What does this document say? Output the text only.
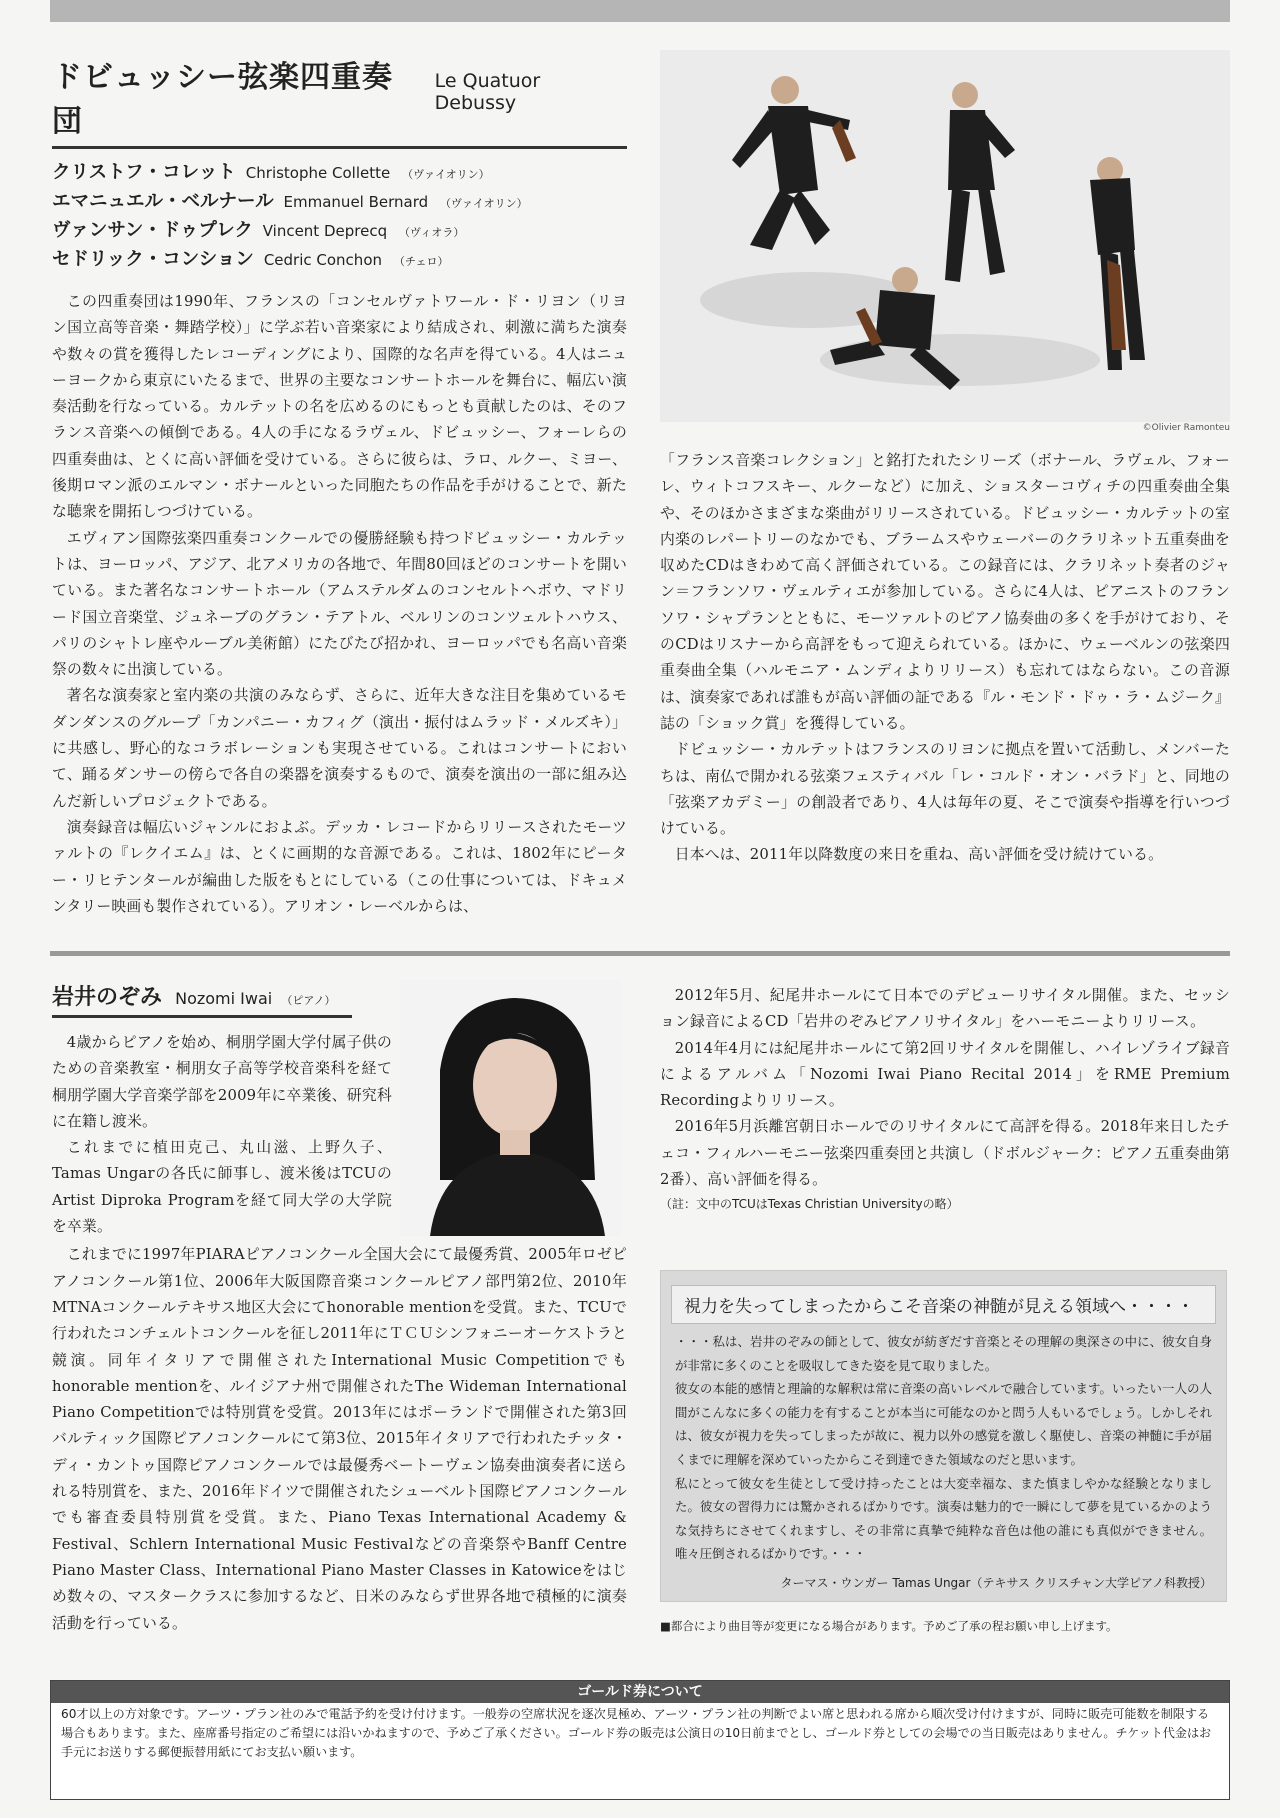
ドビュッシー弦楽四重奏団
Le Quatuor Debussy
クリストフ・コレット Christophe Collette （ヴァイオリン）
エマニュエル・ベルナール Emmanuel Bernard （ヴァイオリン）
ヴァンサン・ドゥプレク Vincent Deprecq （ヴィオラ）
セドリック・コンション Cedric Conchon （チェロ）

この四重奏団は1990年、フランスの「コンセルヴァトワール・ド・リヨン（リヨン国立高等音楽・舞踏学校）」に学ぶ若い音楽家により結成され、刺激に満ちた演奏や数々の賞を獲得したレコーディングにより、国際的な名声を得ている。4人はニューヨークから東京にいたるまで、世界の主要なコンサートホールを舞台に、幅広い演奏活動を行なっている。カルテットの名を広めるのにもっとも貢献したのは、そのフランス音楽への傾倒である。4人の手になるラヴェル、ドビュッシー、フォーレらの四重奏曲は、とくに高い評価を受けている。さらに彼らは、ラロ、ルクー、ミヨー、後期ロマン派のエルマン・ボナールといった同胞たちの作品を手がけることで、新たな聴衆を開拓しつづけている。

エヴィアン国際弦楽四重奏コンクールでの優勝経験も持つドビュッシー・カルテットは、ヨーロッパ、アジア、北アメリカの各地で、年間80回ほどのコンサートを開いている。また著名なコンサートホール（アムステルダムのコンセルトヘボウ、マドリード国立音楽堂、ジュネーブのグラン・テアトル、ベルリンのコンツェルトハウス、パリのシャトレ座やルーブル美術館）にたびたび招かれ、ヨーロッパでも名高い音楽祭の数々に出演している。

著名な演奏家と室内楽の共演のみならず、さらに、近年大きな注目を集めているモダンダンスのグループ「カンパニー・カフィグ（演出・振付はムラッド・メルズキ）」に共感し、野心的なコラボレーションも実現させている。これはコンサートにおいて、踊るダンサーの傍らで各自の楽器を演奏するもので、演奏を演出の一部に組み込んだ新しいプロジェクトである。

演奏録音は幅広いジャンルにおよぶ。デッカ・レコードからリリースされたモーツァルトの『レクイエム』は、とくに画期的な音源である。これは、1802年にピーター・リヒテンタールが編曲した版をもとにしている（この仕事については、ドキュメンタリー映画も製作されている）。アリオン・レーベルからは、

©Olivier Ramonteu

「フランス音楽コレクション」と銘打たれたシリーズ（ボナール、ラヴェル、フォーレ、ウィトコフスキー、ルクーなど）に加え、ショスターコヴィチの四重奏曲全集や、そのほかさまざまな楽曲がリリースされている。ドビュッシー・カルテットの室内楽のレパートリーのなかでも、ブラームスやウェーバーのクラリネット五重奏曲を収めたCDはきわめて高く評価されている。この録音には、クラリネット奏者のジャン＝フランソワ・ヴェルティエが参加している。さらに4人は、ピアニストのフランソワ・シャプランとともに、モーツァルトのピアノ協奏曲の多くを手がけており、そのCDはリスナーから高評をもって迎えられている。ほかに、ウェーベルンの弦楽四重奏曲全集（ハルモニア・ムンディよりリリース）も忘れてはならない。この音源は、演奏家であれば誰もが高い評価の証である『ル・モンド・ドゥ・ラ・ムジーク』誌の「ショック賞」を獲得している。

ドビュッシー・カルテットはフランスのリヨンに拠点を置いて活動し、メンバーたちは、南仏で開かれる弦楽フェスティバル「レ・コルド・オン・バラド」と、同地の「弦楽アカデミー」の創設者であり、4人は毎年の夏、そこで演奏や指導を行いつづけている。

日本へは、2011年以降数度の来日を重ね、高い評価を受け続けている。

岩井のぞみ Nozomi Iwai （ピアノ）

4歳からピアノを始め、桐朋学園大学付属子供のための音楽教室・桐朋女子高等学校音楽科を経て桐朋学園大学音楽学部を2009年に卒業後、研究科に在籍し渡米。

これまでに植田克己、丸山滋、上野久子、Tamas Ungarの各氏に師事し、渡米後はTCUのArtist Diproka Programを経て同大学の大学院を卒業。

これまでに1997年PIARAピアノコンクール全国大会にて最優秀賞、2005年ロゼピアノコンクール第1位、2006年大阪国際音楽コンクールピアノ部門第2位、2010年MTNAコンクールテキサス地区大会にてhonorable mentionを受賞。また、TCUで行われたコンチェルトコンクールを征し2011年にＴＣＵシンフォニーオーケストラと競演。同年イタリアで開催されたInternational Music Competitionでもhonorable mentionを、ルイジアナ州で開催されたThe Wideman International Piano Competitionでは特別賞を受賞。2013年にはポーランドで開催された第3回バルティック国際ピアノコンクールにて第3位、2015年イタリアで行われたチッタ・ディ・カントゥ国際ピアノコンクールでは最優秀ベートーヴェン協奏曲演奏者に送られる特別賞を、また、2016年ドイツで開催されたシューベルト国際ピアノコンクールでも審査委員特別賞を受賞。また、Piano Texas International Academy & Festival、Schlern International Music Festivalなどの音楽祭やBanff Centre Piano Master Class、International Piano Master Classes in Katowiceをはじめ数々の、マスタークラスに参加するなど、日米のみならず世界各地で積極的に演奏活動を行っている。

2012年5月、紀尾井ホールにて日本でのデビューリサイタル開催。また、セッション録音によるCD「岩井のぞみピアノリサイタル」をハーモニーよりリリース。

2014年4月には紀尾井ホールにて第2回リサイタルを開催し、ハイレゾライブ録音によるアルバム「Nozomi Iwai Piano Recital 2014」をRME Premium Recordingよりリリース。

2016年5月浜離宮朝日ホールでのリサイタルにて高評を得る。2018年来日したチェコ・フィルハーモニー弦楽四重奏団と共演し（ドボルジャーク：ピアノ五重奏曲第2番）、高い評価を得る。

（註：文中のTCUはTexas Christian Universityの略）
視力を失ってしまったからこそ音楽の神髄が見える領域へ・・・・

・・・私は、岩井のぞみの師として、彼女が紡ぎだす音楽とその理解の奥深さの中に、彼女自身が非常に多くのことを吸収してきた姿を見て取りました。

彼女の本能的感情と理論的な解釈は常に音楽の高いレベルで融合しています。いったい一人の人間がこんなに多くの能力を有することが本当に可能なのかと問う人もいるでしょう。しかしそれは、彼女が視力を失ってしまったが故に、視力以外の感覚を激しく駆使し、音楽の神髄に手が届くまでに理解を深めていったからこそ到達できた領域なのだと思います。

私にとって彼女を生徒として受け持ったことは大変幸福な、また慎ましやかな経験となりました。彼女の習得力には驚かされるばかりです。演奏は魅力的で一瞬にして夢を見ているかのような気持ちにさせてくれますし、その非常に真摯で純粋な音色は他の誰にも真似ができません。唯々圧倒されるばかりです。・・・

ターマス・ウンガー Tamas Ungar（テキサス クリスチャン大学ピアノ科教授）
■都合により曲目等が変更になる場合があります。予めご了承の程お願い申し上げます。
ゴールド券について
60才以上の方対象です。アーツ・プラン社のみで電話予約を受け付けます。一般券の空席状況を逐次見極め、アーツ・プラン社の判断でよい席と思われる席から順次受け付けますが、同時に販売可能数を制限する場合もあります。また、座席番号指定のご希望には沿いかねますので、予めご了承ください。ゴールド券の販売は公演日の10日前までとし、ゴールド券としての会場での当日販売はありません。チケット代金はお手元にお送りする郵便振替用紙にてお支払い願います。
